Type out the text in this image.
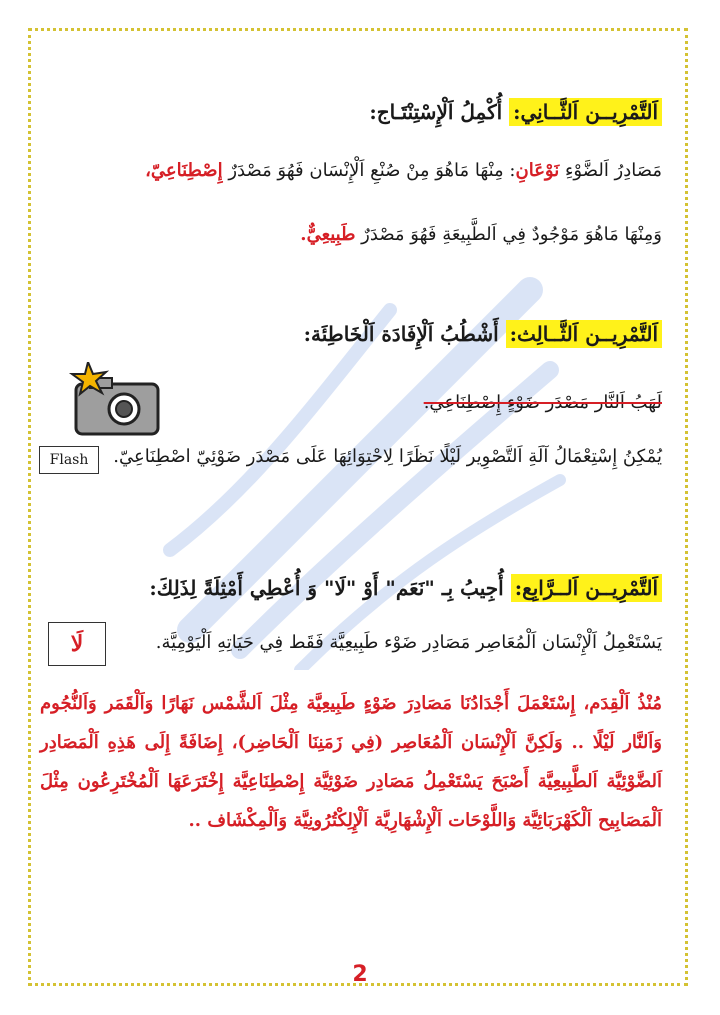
اَلتَّمْرِيــن اَلثَّــانِي: أُكْمِلُ اَلْإِسْتِنْتَـاج:
مَصَادِرُ اَلضَّوْءِ نَوْعَانِ: مِنْهَا مَاهُوَ مِنْ صُنْعِ اَلْإِنْسَان فَهُوَ مَصْدَرٌ إِصْطِنَاعِيّ،
وَمِنْهَا مَاهُوَ مَوْجُودٌ فِي اَلطَّبِيعَةِ فَهُوَ مَصْدَرٌ طَبِيعِيٌّ.
اَلتَّمْرِيــن اَلثَّــالِث: أَشْطُبُ اَلْإِفَادَة اَلْخَاطِئَة:
لَهَبُ اَلنَّار مَصْدَر ضَوْءٍ إِصْطِنَاعِي.
يُمْكِنُ إِسْتِعْمَالُ آلَةِ اَلتَّصْوِير لَيْلًا نَظَرًا لِاحْتِوَائِهَا عَلَى مَصْدَر ضَوْئِيّ اصْطِنَاعِيّ.
Flash
اَلتَّمْرِيــن اَلــرَّابِع: أُجِيبُ بِـ "نَعَم" أَوْ "لَا" وَ أُعْطِي أَمْثِلَةً لِذَلِكَ:
يَسْتَعْمِلُ اَلْإِنْسَان اَلْمُعَاصِر مَصَادِر ضَوْء طَبِيعِيَّة فَقَط فِي حَيَاتِهِ اَلْيَوْمِيَّة.
لَا
مُنْذُ اَلْقِدَم، إِسْتَعْمَلَ أَجْدَادُنَا مَصَادِرَ ضَوْءٍ طَبِيعِيَّة مِثْلَ اَلشَّمْس نَهَارًا وَاَلْقَمَر وَاَلنُّجُوم وَاَلنَّار لَيْلًا .. وَلَكِنَّ اَلْإِنْسَان اَلْمُعَاصِر (فِي زَمَنِنَا اَلْحَاضِر)، إِضَافَةً إِلَى هَذِهِ اَلْمَصَادِر اَلضَّوْئِيَّة اَلطَّبِيعِيَّة أَصْبَحَ يَسْتَعْمِلُ مَصَادِر ضَوْئِيَّة إِصْطِنَاعِيَّة إِخْتَرَعَهَا اَلْمُخْتَرِعُون مِثْلَ اَلْمَصَابِيح اَلْكَهْرَبَائِيَّة وَاللَّوْحَات اَلْإِشْهَارِيَّة اَلْإِلِكْتُرُونِيَّة وَاَلْمِكْشَاف ..
2
